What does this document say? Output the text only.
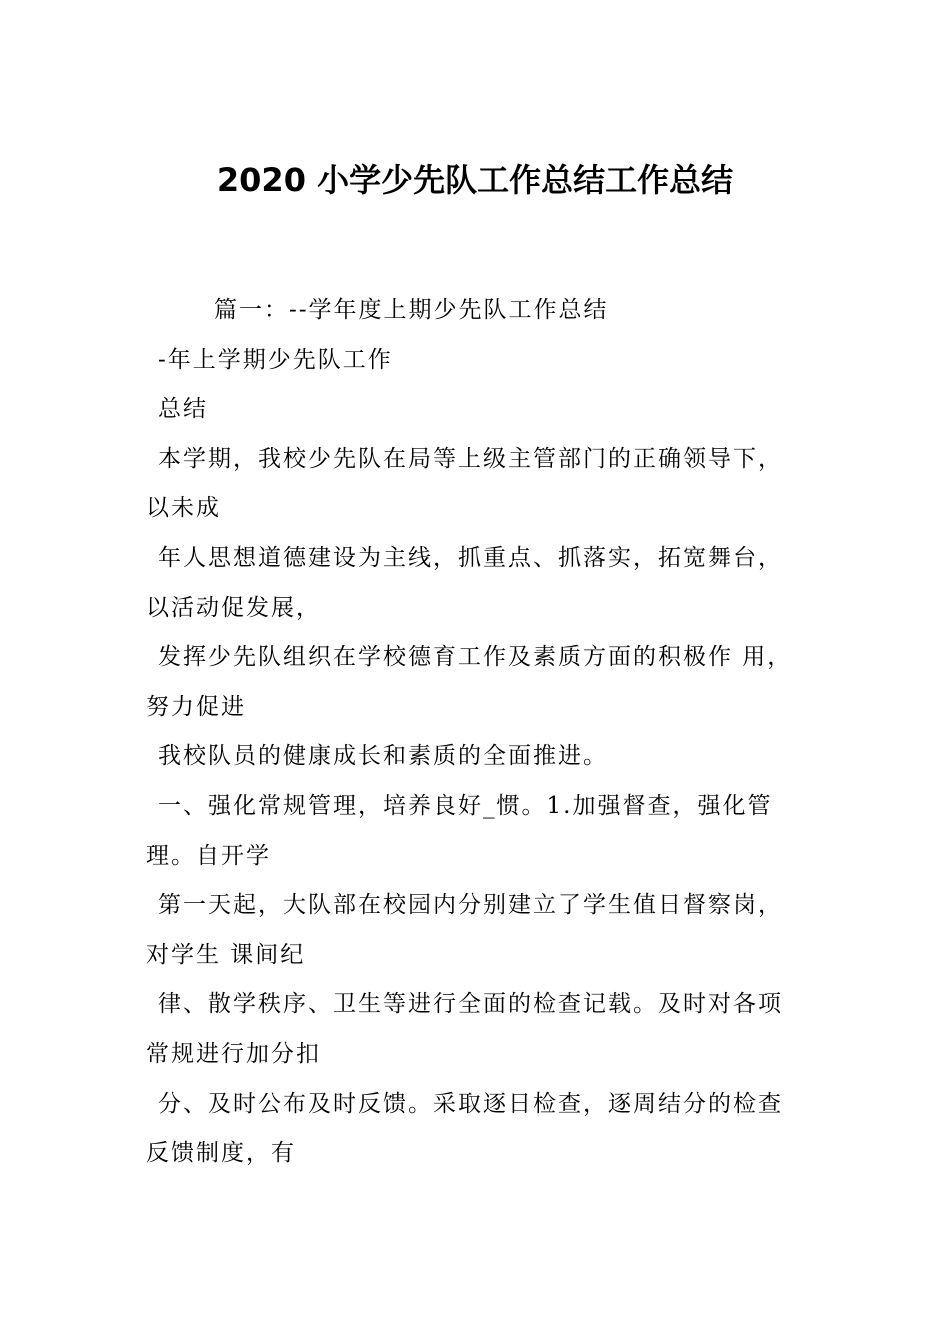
2020 小学少先队工作总结工作总结

篇一：--学年度上期少先队工作总结

-年上学期少先队工作

总结

本学期，我校少先队在局等上级主管部门的正确领导下，

以未成

年人思想道德建设为主线，抓重点、抓落实，拓宽舞台，

以活动促发展，

发挥少先队组织在学校德育工作及素质方面的积极作 用，

努力促进

我校队员的健康成长和素质的全面推进。

一、强化常规管理，培养良好_惯。1.加强督查，强化管

理。自开学

第一天起，大队部在校园内分别建立了学生值日督察岗，

对学生 课间纪

律、散学秩序、卫生等进行全面的检查记载。及时对各项

常规进行加分扣

分、及时公布及时反馈。采取逐日检查，逐周结分的检查

反馈制度，有
